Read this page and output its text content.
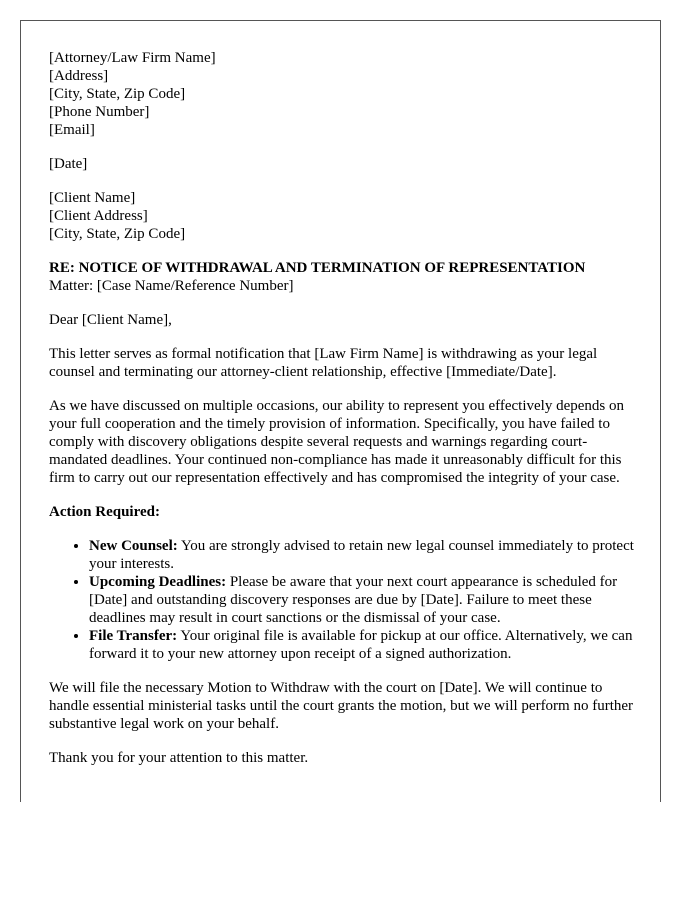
[Attorney/Law Firm Name]
[Address]
[City, State, Zip Code]
[Phone Number]
[Email]
[Date]
[Client Name]
[Client Address]
[City, State, Zip Code]
RE: NOTICE OF WITHDRAWAL AND TERMINATION OF REPRESENTATION
Matter: [Case Name/Reference Number]

Dear [Client Name],

This letter serves as formal notification that [Law Firm Name] is withdrawing as your legal counsel and terminating our attorney-client relationship, effective [Immediate/Date].

As we have discussed on multiple occasions, our ability to represent you effectively depends on your full cooperation and the timely provision of information. Specifically, you have failed to comply with discovery obligations despite several requests and warnings regarding court-mandated deadlines. Your continued non-compliance has made it unreasonably difficult for this firm to carry out our representation effectively and has compromised the integrity of your case.

Action Required:
• New Counsel: You are strongly advised to retain new legal counsel immediately to protect your interests.
• Upcoming Deadlines: Please be aware that your next court appearance is scheduled for [Date] and outstanding discovery responses are due by [Date]. Failure to meet these deadlines may result in court sanctions or the dismissal of your case.
• File Transfer: Your original file is available for pickup at our office. Alternatively, we can forward it to your new attorney upon receipt of a signed authorization.

We will file the necessary Motion to Withdraw with the court on [Date]. We will continue to handle essential ministerial tasks until the court grants the motion, but we will perform no further substantive legal work on your behalf.

Thank you for your attention to this matter.
